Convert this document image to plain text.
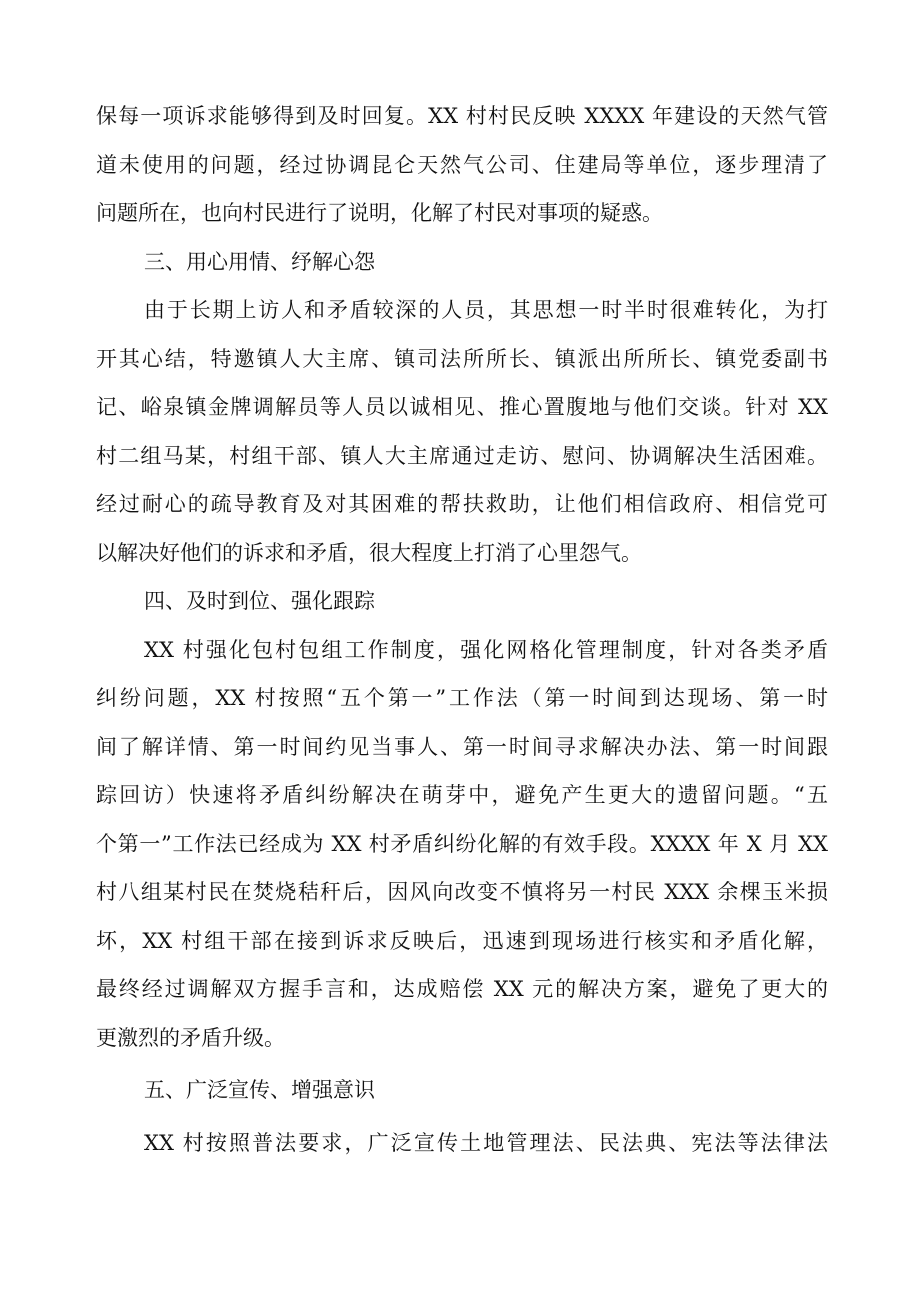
保每一项诉求能够得到及时回复。XX 村村民反映 XXXX 年建设的天然气管
道未使用的问题，经过协调昆仑天然气公司、住建局等单位，逐步理清了
问题所在，也向村民进行了说明，化解了村民对事项的疑惑。
三、用心用情、纾解心怨
由于长期上访人和矛盾较深的人员，其思想一时半时很难转化，为打
开其心结，特邀镇人大主席、镇司法所所长、镇派出所所长、镇党委副书
记、峪泉镇金牌调解员等人员以诚相见、推心置腹地与他们交谈。针对 XX
村二组马某，村组干部、镇人大主席通过走访、慰问、协调解决生活困难。
经过耐心的疏导教育及对其困难的帮扶救助，让他们相信政府、相信党可
以解决好他们的诉求和矛盾，很大程度上打消了心里怨气。
四、及时到位、强化跟踪
XX 村强化包村包组工作制度，强化网格化管理制度，针对各类矛盾
纠纷问题，XX 村按照“五个第一”工作法（第一时间到达现场、第一时
间了解详情、第一时间约见当事人、第一时间寻求解决办法、第一时间跟
踪回访）快速将矛盾纠纷解决在萌芽中，避免产生更大的遗留问题。“五
个第一”工作法已经成为 XX 村矛盾纠纷化解的有效手段。XXXX 年 X 月 XX
村八组某村民在焚烧秸秆后，因风向改变不慎将另一村民 XXX 余棵玉米损
坏，XX 村组干部在接到诉求反映后，迅速到现场进行核实和矛盾化解，
最终经过调解双方握手言和，达成赔偿 XX 元的解决方案，避免了更大的
更激烈的矛盾升级。
五、广泛宣传、增强意识
XX 村按照普法要求，广泛宣传土地管理法、民法典、宪法等法律法
